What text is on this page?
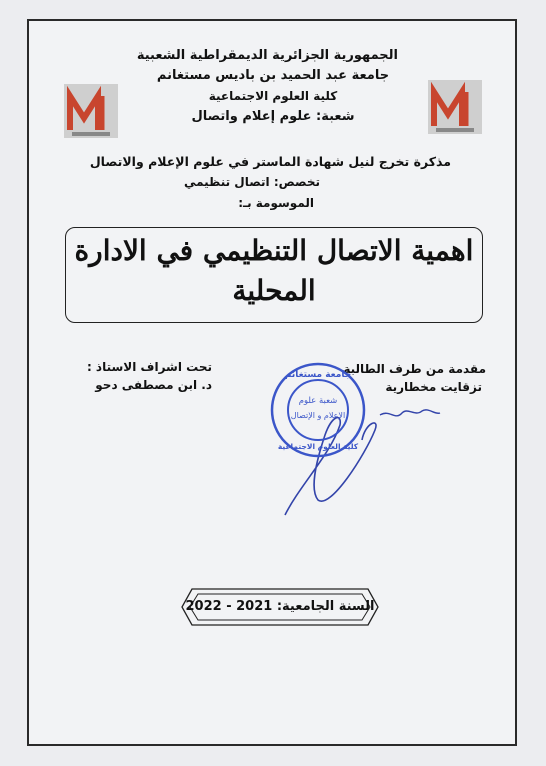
الجمهورية الجزائرية الديمقراطية الشعبية
جامعة عبد الحميد بن باديس مستغانم
كلية العلوم الاجتماعية
شعبة: علوم إعلام واتصال
مذكرة تخرج لنيل شهادة الماستر في علوم الإعلام والاتصال
تخصص: اتصال تنظيمي
الموسومة بـ:
اهمية الاتصال التنظيمي في الادارة
المحلية
مقدمة من طرف الطالبة
تزقايت مخطارية
تحت اشراف الاستاذ :
د. ابن مصطفى دحو
جامعة مستغانم
شعبة علوم
الإعلام و الإتصال
كلية العلوم الاجتماعية
السنة الجامعية: 2021 - 2022
